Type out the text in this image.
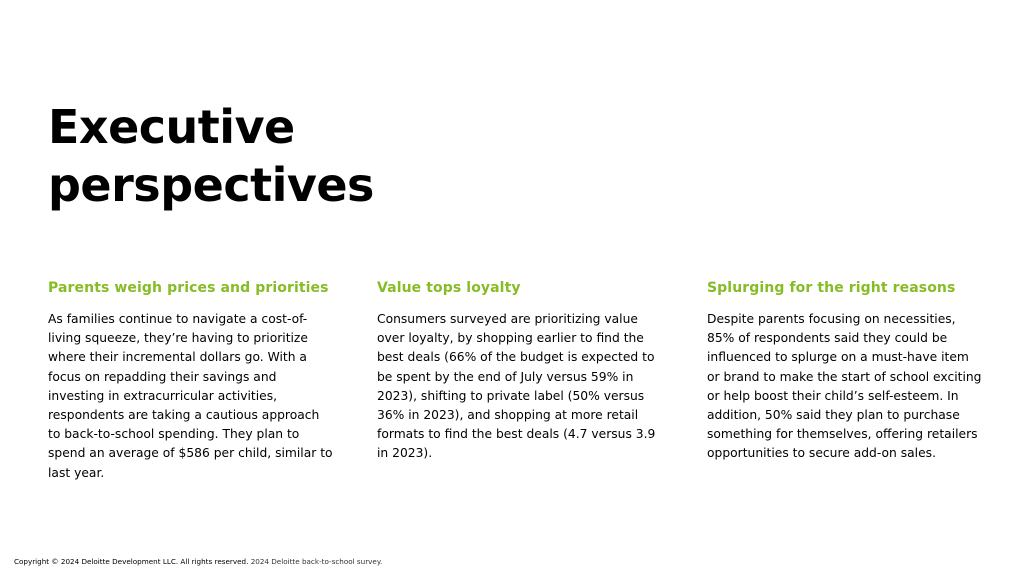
Executive
perspectives
Parents weigh prices and priorities

As families continue to navigate a cost-of-living squeeze, they’re having to prioritize where their incremental dollars go. With a focus on repadding their savings and investing in extracurricular activities, respondents are taking a cautious approach to back-to-school spending. They plan to spend an average of $586 per child, similar to last year.

Value tops loyalty

Consumers surveyed are prioritizing value over loyalty, by shopping earlier to find the best deals (66% of the budget is expected to be spent by the end of July versus 59% in 2023), shifting to private label (50% versus 36% in 2023), and shopping at more retail formats to find the best deals (4.7 versus 3.9 in 2023).

Splurging for the right reasons

Despite parents focusing on necessities, 85% of respondents said they could be influenced to splurge on a must-have item or brand to make the start of school exciting or help boost their child’s self-esteem. In addition, 50% said they plan to purchase something for themselves, offering retailers opportunities to secure add-on sales.

Copyright © 2024 Deloitte Development LLC. All rights reserved. 2024 Deloitte back-to-school survey.
